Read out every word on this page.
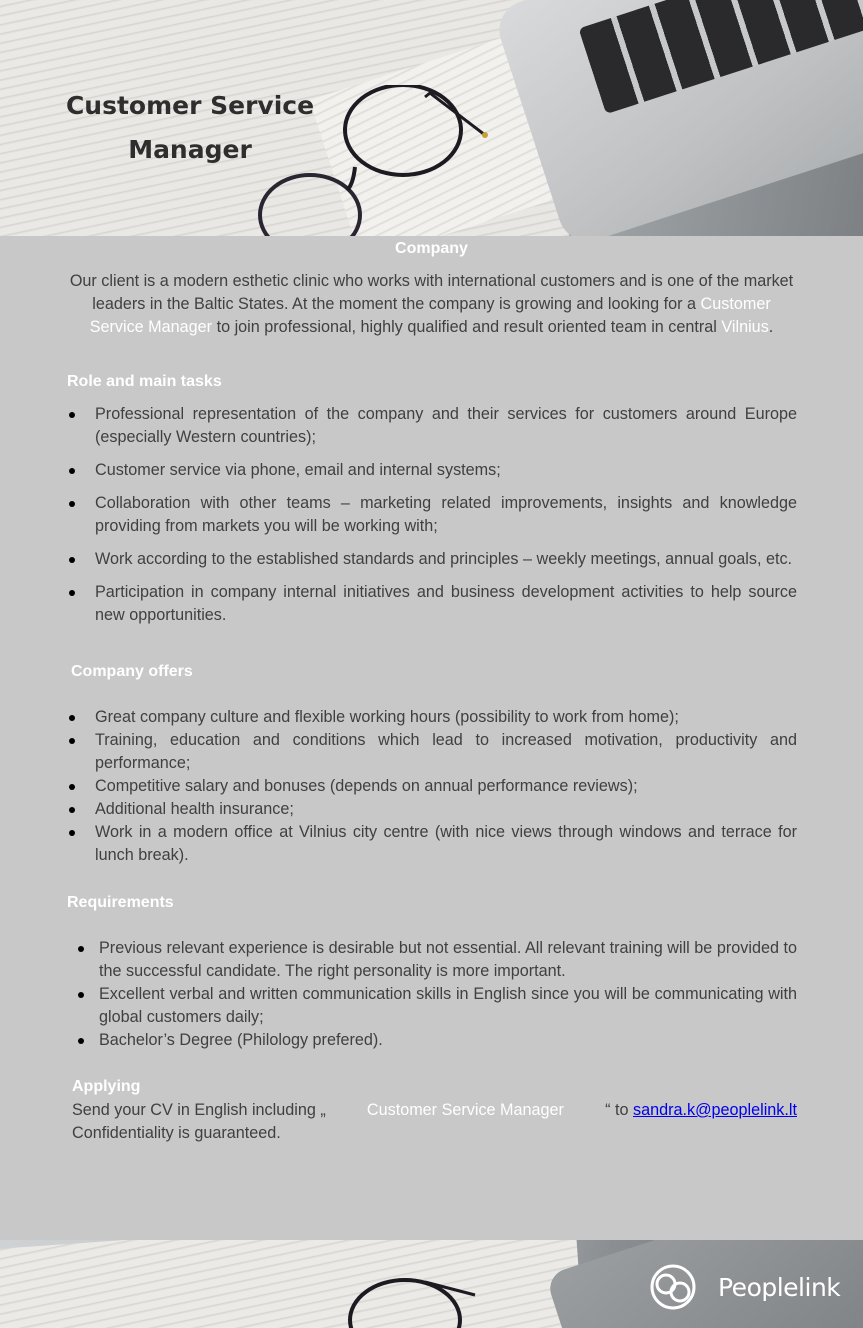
Customer Service
Manager
Company
Our client is a modern esthetic clinic who works with international customers and is one of the market leaders in the Baltic States. At the moment the company is growing and looking for a Customer Service Manager to join professional, highly qualified and result oriented team in central Vilnius.
Role and main tasks
Professional representation of the company and their services for customers around Europe (especially Western countries);
Customer service via phone, email and internal systems;
Collaboration with other teams – marketing related improvements, insights and knowledge providing from markets you will be working with;
Work according to the established standards and principles – weekly meetings, annual goals, etc.
Participation in company internal initiatives and business development activities to help source new opportunities.
Company offers
Great company culture and flexible working hours (possibility to work from home);
Training, education and conditions which lead to increased motivation, productivity and performance;
Competitive salary and bonuses (depends on annual performance reviews);
Additional health insurance;
Work in a modern office at Vilnius city centre (with nice views through windows and terrace for lunch break).
Requirements
Previous relevant experience is desirable but not essential. All relevant training will be provided to the successful candidate. The right personality is more important.
Excellent verbal and written communication skills in English since you will be communicating with global customers daily;
Bachelor’s Degree (Philology prefered).
Applying
Send your CV in English including „	Customer Service Manager	“ to sandra.k@peoplelink.lt
Confidentiality is guaranteed.
Peoplelink
